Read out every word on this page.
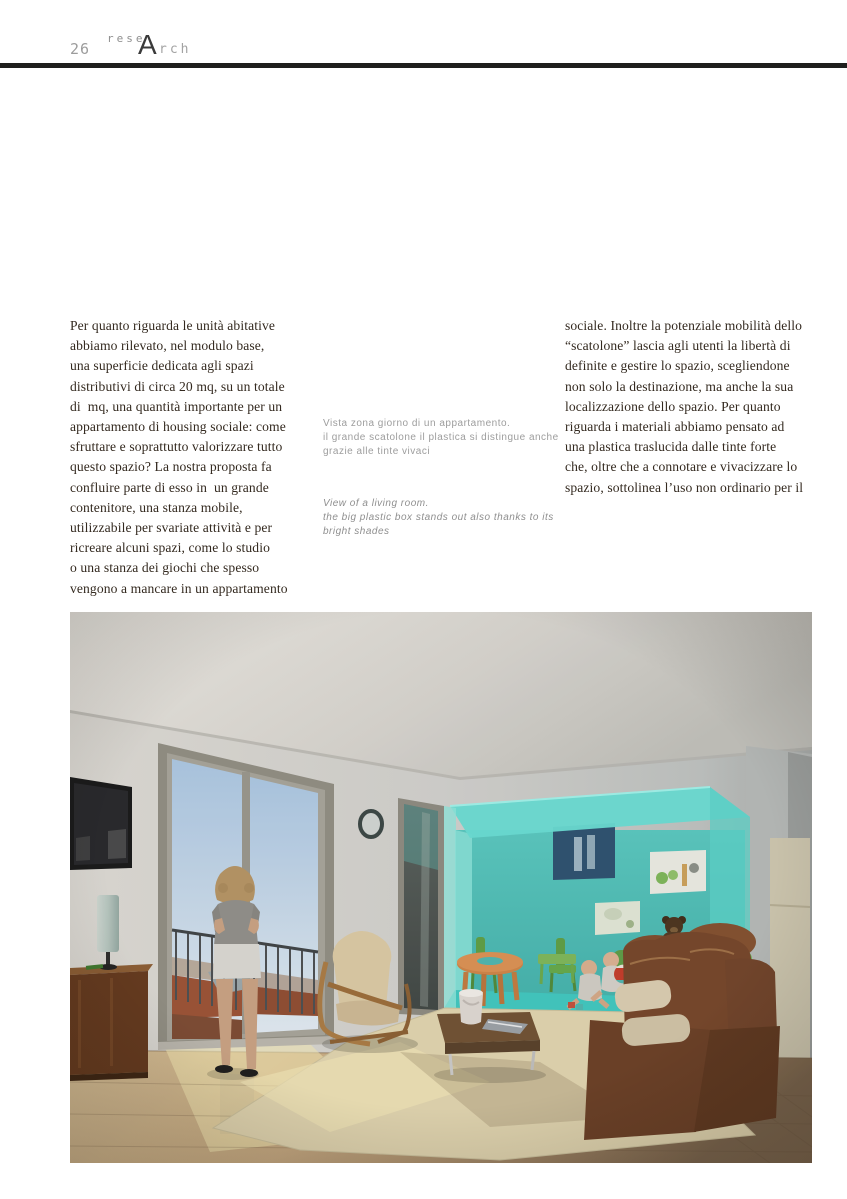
26
rese
A rch
Per quanto riguarda le unità abitative
abbiamo rilevato, nel modulo base,
una superficie dedicata agli spazi
distributivi di circa 20 mq, su un totale
di  mq, una quantità importante per un
appartamento di housing sociale: come
sfruttare e soprattutto valorizzare tutto
questo spazio? La nostra proposta fa
confluire parte di esso in  un grande
contenitore, una stanza mobile,
utilizzabile per svariate attività e per
ricreare alcuni spazi, come lo studio
o una stanza dei giochi che spesso
vengono a mancare in un appartamento
sociale. Inoltre la potenziale mobilità dello
“scatolone” lascia agli utenti la libertà di
definite e gestire lo spazio, scegliendone
non solo la destinazione, ma anche la sua
localizzazione dello spazio. Per quanto
riguarda i materiali abbiamo pensato ad
una plastica traslucida dalle tinte forte
che, oltre che a connotare e vivacizzare lo
spazio, sottolinea l’uso non ordinario per il
Vista zona giorno di un appartamento.
il grande scatolone il plastica si distingue anche
grazie alle tinte vivaci
View of a living room.
the big plastic box stands out also thanks to its
bright shades
